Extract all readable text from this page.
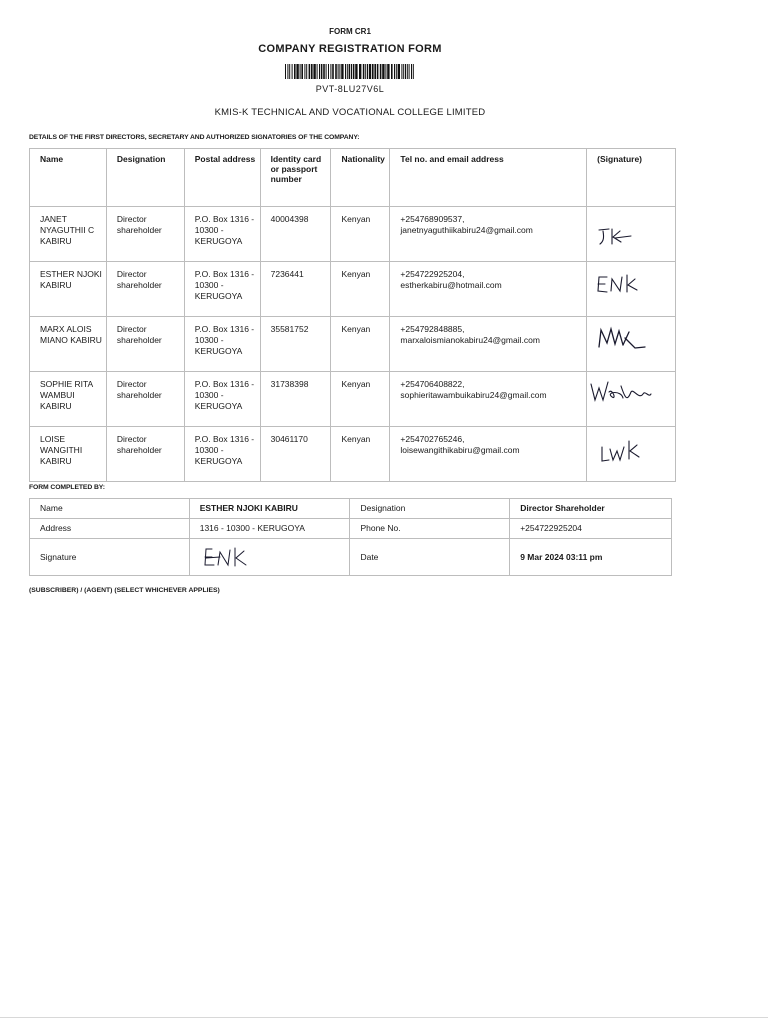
FORM CR1
COMPANY REGISTRATION FORM
PVT-8LU27V6L
KMIS-K TECHNICAL AND VOCATIONAL COLLEGE LIMITED
DETAILS OF THE FIRST DIRECTORS, SECRETARY AND AUTHORIZED SIGNATORIES OF THE COMPANY:
Name	Designation	Postal address	Identity card or passport number	Nationality	Tel no. and email address	(Signature)
JANET NYAGUTHII C KABIRU	Director shareholder	P.O. Box 1316 - 10300 - KERUGOYA	40004398	Kenyan	+254768909537,
janetnyaguthiikabiru24@gmail.com

ESTHER NJOKI KABIRU	Director shareholder	P.O. Box 1316 - 10300 - KERUGOYA	7236441	Kenyan	+254722925204,
estherkabiru@hotmail.com

MARX ALOIS MIANO KABIRU	Director shareholder	P.O. Box 1316 - 10300 - KERUGOYA	35581752	Kenyan	+254792848885,
marxaloismianokabiru24@gmail.com

SOPHIE RITA WAMBUI KABIRU	Director shareholder	P.O. Box 1316 - 10300 - KERUGOYA	31738398	Kenyan	+254706408822,
sophieritawambuikabiru24@gmail.com

LOISE WANGITHI KABIRU	Director shareholder	P.O. Box 1316 - 10300 - KERUGOYA	30461170	Kenyan	+254702765246,
loisewangithikabiru@gmail.com

FORM COMPLETED BY:
Name	ESTHER NJOKI KABIRU	Designation	Director Shareholder
Address	1316 - 10300 - KERUGOYA	Phone No.	+254722925204
Signature		Date	9 Mar 2024 03:11 pm
(SUBSCRIBER) / (AGENT) (SELECT WHICHEVER APPLIES)
